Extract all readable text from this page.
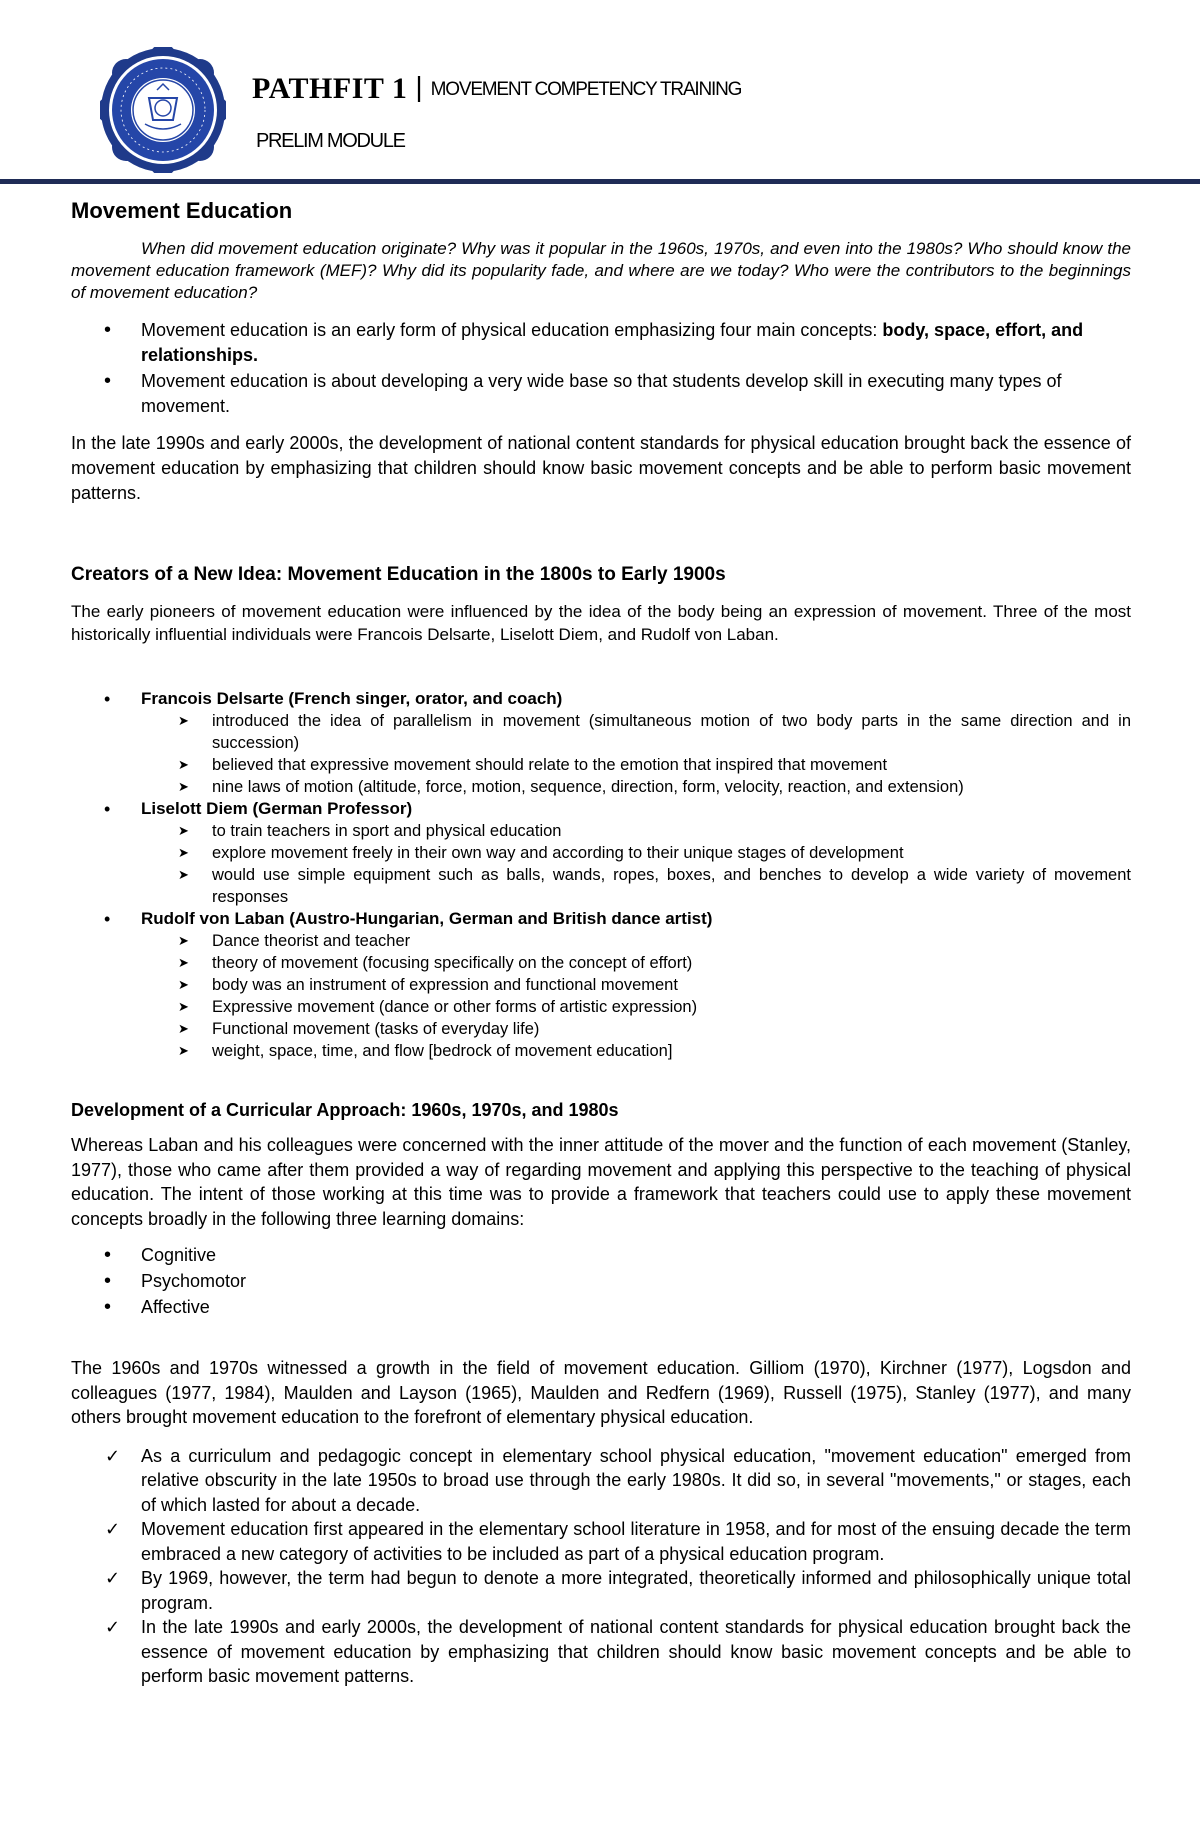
PATHFIT 1 | MOVEMENT COMPETENCY TRAINING
PRELIM MODULE
Movement Education

When did movement education originate? Why was it popular in the 1960s, 1970s, and even into the 1980s? Who should know the movement education framework (MEF)? Why did its popularity fade, and where are we today? Who were the contributors to the beginnings of movement education?

• Movement education is an early form of physical education emphasizing four main concepts: body, space, effort, and relationships.
• Movement education is about developing a very wide base so that students develop skill in executing many types of movement.

In the late 1990s and early 2000s, the development of national content standards for physical education brought back the essence of movement education by emphasizing that children should know basic movement concepts and be able to perform basic movement patterns.

Creators of a New Idea: Movement Education in the 1800s to Early 1900s

The early pioneers of movement education were influenced by the idea of the body being an expression of movement. Three of the most historically influential individuals were Francois Delsarte, Liselott Diem, and Rudolf von Laban.

• Francois Delsarte (French singer, orator, and coach)
➤ introduced the idea of parallelism in movement (simultaneous motion of two body parts in the same direction and in succession)
➤ believed that expressive movement should relate to the emotion that inspired that movement
➤ nine laws of motion (altitude, force, motion, sequence, direction, form, velocity, reaction, and extension)
• Liselott Diem (German Professor)
➤ to train teachers in sport and physical education
➤ explore movement freely in their own way and according to their unique stages of development
➤ would use simple equipment such as balls, wands, ropes, boxes, and benches to develop a wide variety of movement responses
• Rudolf von Laban (Austro-Hungarian, German and British dance artist)
➤ Dance theorist and teacher
➤ theory of movement (focusing specifically on the concept of effort)
➤ body was an instrument of expression and functional movement
➤ Expressive movement (dance or other forms of artistic expression)
➤ Functional movement (tasks of everyday life)
➤ weight, space, time, and flow [bedrock of movement education]
Development of a Curricular Approach: 1960s, 1970s, and 1980s

Whereas Laban and his colleagues were concerned with the inner attitude of the mover and the function of each movement (Stanley, 1977), those who came after them provided a way of regarding movement and applying this perspective to the teaching of physical education. The intent of those working at this time was to provide a framework that teachers could use to apply these movement concepts broadly in the following three learning domains:

• Cognitive
• Psychomotor
• Affective

The 1960s and 1970s witnessed a growth in the field of movement education. Gilliom (1970), Kirchner (1977), Logsdon and colleagues (1977, 1984), Maulden and Layson (1965), Maulden and Redfern (1969), Russell (1975), Stanley (1977), and many others brought movement education to the forefront of elementary physical education.

✓ As a curriculum and pedagogic concept in elementary school physical education, "movement education" emerged from relative obscurity in the late 1950s to broad use through the early 1980s. It did so, in several "movements," or stages, each of which lasted for about a decade.
✓ Movement education first appeared in the elementary school literature in 1958, and for most of the ensuing decade the term embraced a new category of activities to be included as part of a physical education program.
✓ By 1969, however, the term had begun to denote a more integrated, theoretically informed and philosophically unique total program.
✓ In the late 1990s and early 2000s, the development of national content standards for physical education brought back the essence of movement education by emphasizing that children should know basic movement concepts and be able to perform basic movement patterns.
